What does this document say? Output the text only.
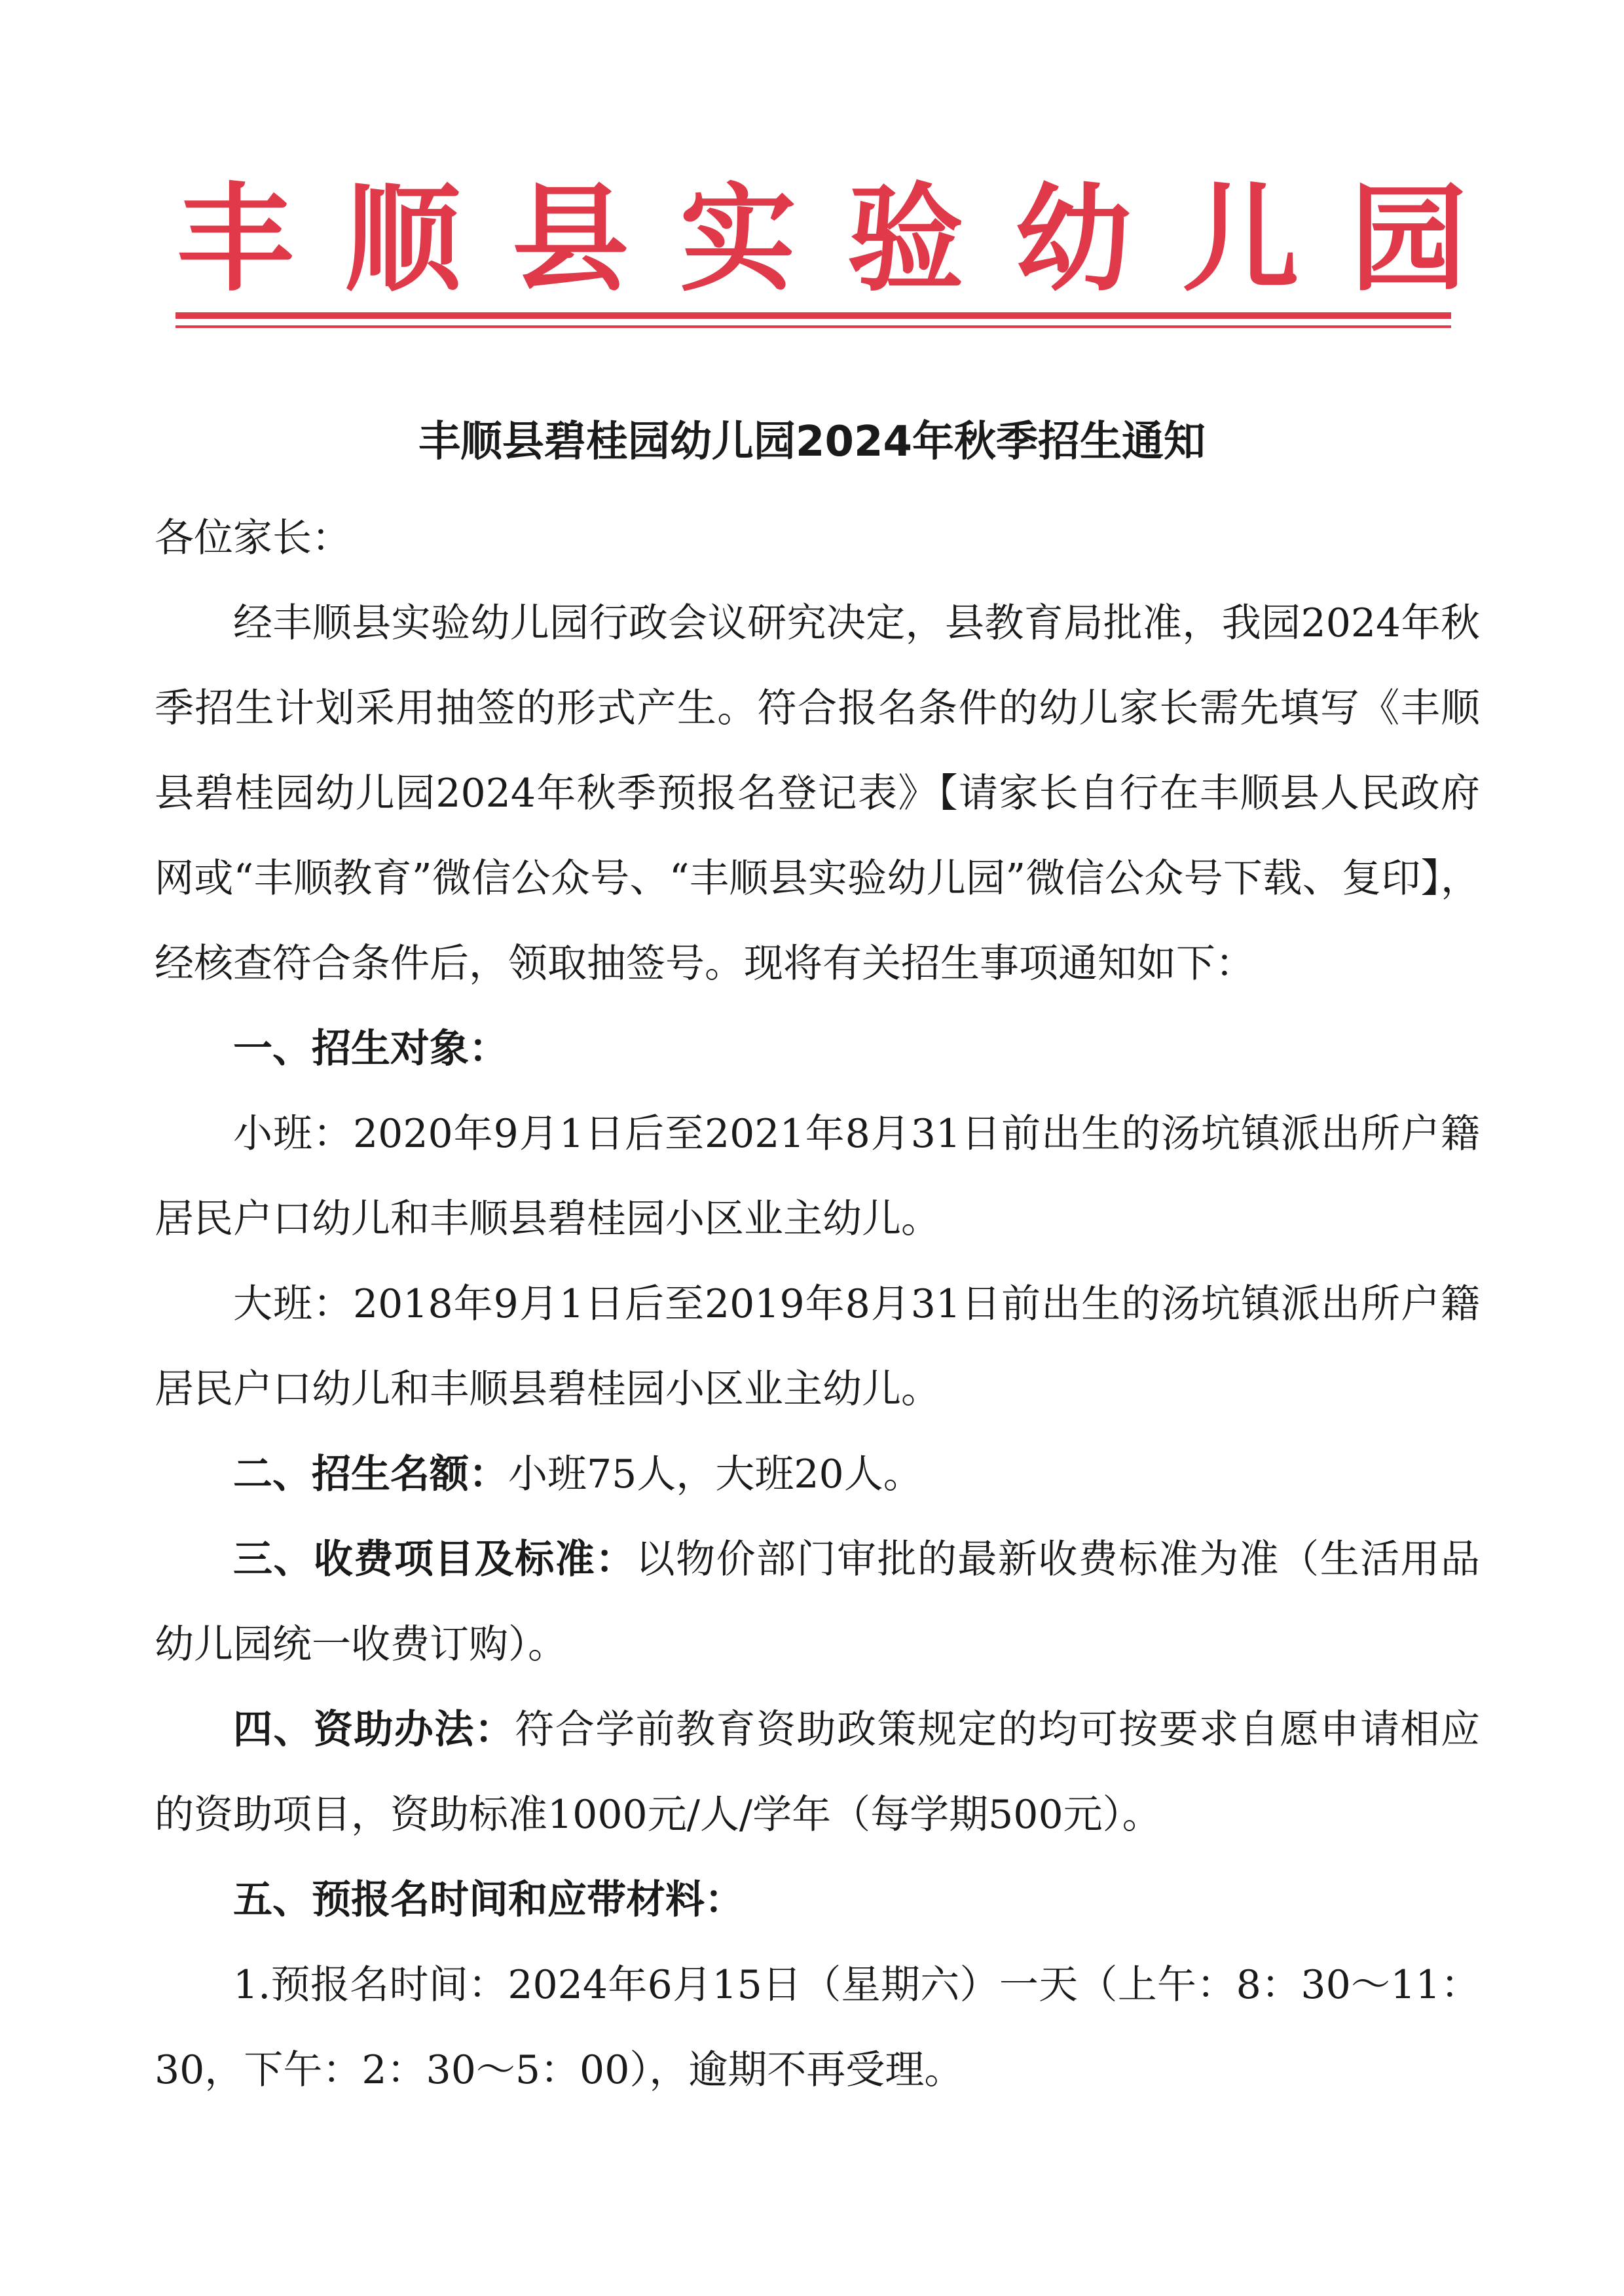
丰顺县实验幼儿园
丰顺县碧桂园幼儿园2024年秋季招生通知

各位家长：

经丰顺县实验幼儿园行政会议研究决定，县教育局批准，我园2024年秋季招生计划采用抽签的形式产生。符合报名条件的幼儿家长需先填写《丰顺县碧桂园幼儿园2024年秋季预报名登记表》【请家长自行在丰顺县人民政府网或“丰顺教育”微信公众号、“丰顺县实验幼儿园”微信公众号下载、复印】，经核查符合条件后，领取抽签号。现将有关招生事项通知如下：

一、招生对象：

小班：2020年9月1日后至2021年8月31日前出生的汤坑镇派出所户籍居民户口幼儿和丰顺县碧桂园小区业主幼儿。

大班：2018年9月1日后至2019年8月31日前出生的汤坑镇派出所户籍居民户口幼儿和丰顺县碧桂园小区业主幼儿。

二、招生名额：小班75人，大班20人。

三、收费项目及标准：以物价部门审批的最新收费标准为准（生活用品幼儿园统一收费订购）。

四、资助办法：符合学前教育资助政策规定的均可按要求自愿申请相应的资助项目，资助标准1000元/人/学年（每学期500元）。

五、预报名时间和应带材料：

1.预报名时间：2024年6月15日（星期六）一天（上午：8：30～11：30，下午：2：30～5：00），逾期不再受理。
